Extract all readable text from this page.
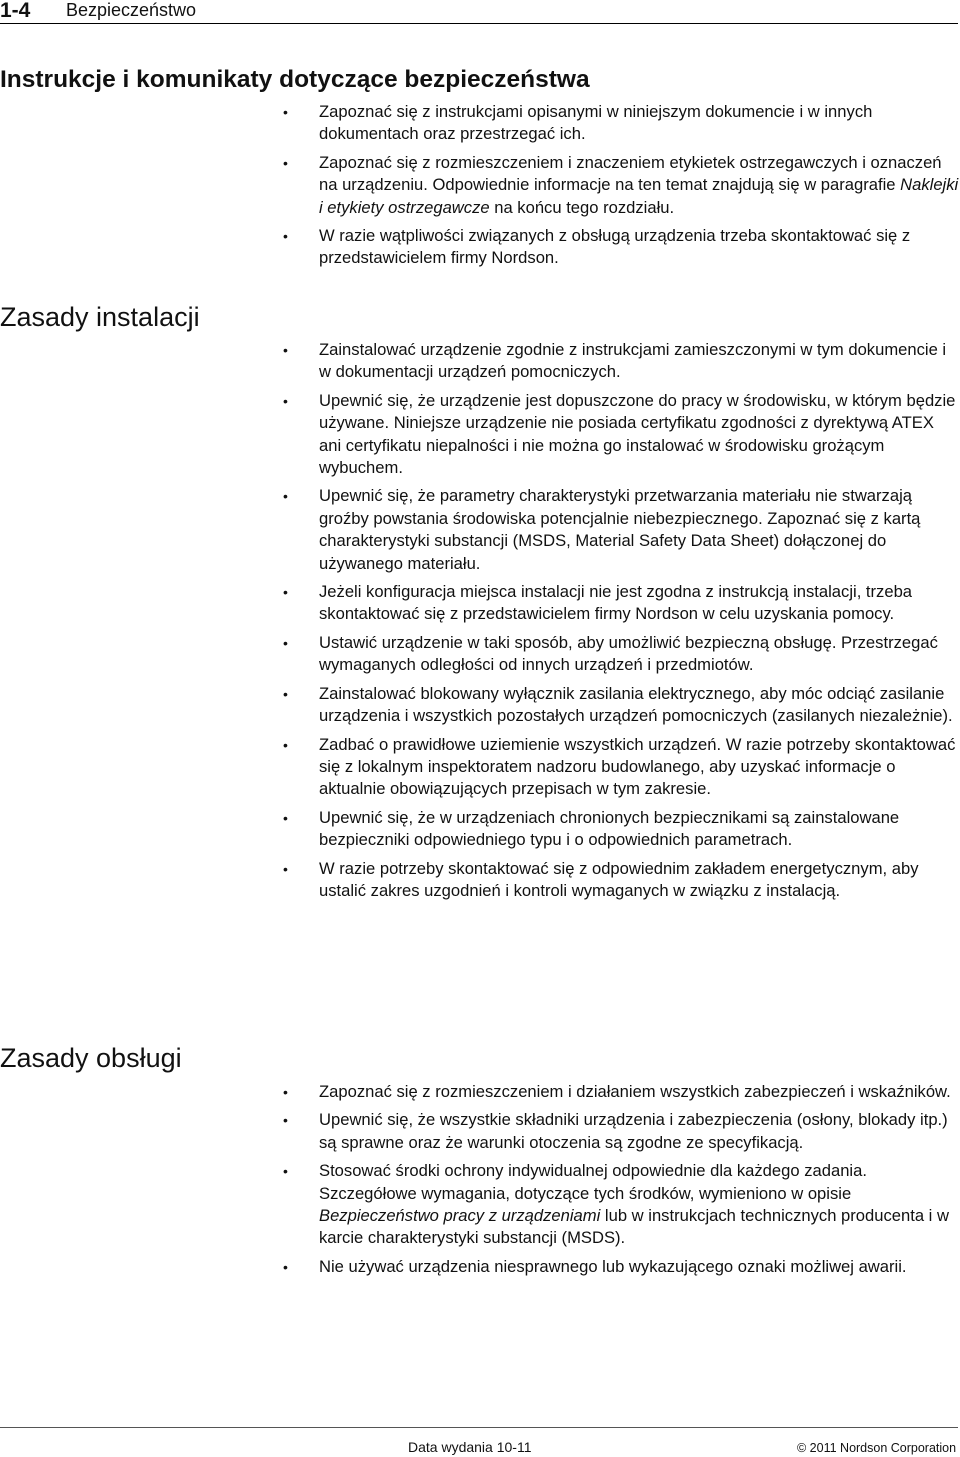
1-4 Bezpieczeństwo
Instrukcje i komunikaty dotyczące bezpieczeństwa
• Zapoznać się z instrukcjami opisanymi w niniejszym dokumencie i w innych dokumentach oraz przestrzegać ich.
• Zapoznać się z rozmieszczeniem i znaczeniem etykietek ostrzegawczych i oznaczeń na urządzeniu. Odpowiednie informacje na ten temat znajdują się w paragrafie Naklejki i etykiety ostrzegawcze na końcu tego rozdziału.
• W razie wątpliwości związanych z obsługą urządzenia trzeba skontaktować się z przedstawicielem firmy Nordson.
Zasady instalacji
• Zainstalować urządzenie zgodnie z instrukcjami zamieszczonymi w tym dokumencie i w dokumentacji urządzeń pomocniczych.
• Upewnić się, że urządzenie jest dopuszczone do pracy w środowisku, w którym będzie używane. Niniejsze urządzenie nie posiada certyfikatu zgodności z dyrektywą ATEX ani certyfikatu niepalności i nie można go instalować w środowisku grożącym wybuchem.
• Upewnić się, że parametry charakterystyki przetwarzania materiału nie stwarzają groźby powstania środowiska potencjalnie niebezpiecznego. Zapoznać się z kartą charakterystyki substancji (MSDS, Material Safety Data Sheet) dołączonej do używanego materiału.
• Jeżeli konfiguracja miejsca instalacji nie jest zgodna z instrukcją instalacji, trzeba skontaktować się z przedstawicielem firmy Nordson w celu uzyskania pomocy.
• Ustawić urządzenie w taki sposób, aby umożliwić bezpieczną obsługę. Przestrzegać wymaganych odległości od innych urządzeń i przedmiotów.
• Zainstalować blokowany wyłącznik zasilania elektrycznego, aby móc odciąć zasilanie urządzenia i wszystkich pozostałych urządzeń pomocniczych (zasilanych niezależnie).
• Zadbać o prawidłowe uziemienie wszystkich urządzeń. W razie potrzeby skontaktować się z lokalnym inspektoratem nadzoru budowlanego, aby uzyskać informacje o aktualnie obowiązujących przepisach w tym zakresie.
• Upewnić się, że w urządzeniach chronionych bezpiecznikami są zainstalowane bezpieczniki odpowiedniego typu i o odpowiednich parametrach.
• W razie potrzeby skontaktować się z odpowiednim zakładem energetycznym, aby ustalić zakres uzgodnień i kontroli wymaganych w związku z instalacją.
Zasady obsługi
• Zapoznać się z rozmieszczeniem i działaniem wszystkich zabezpieczeń i wskaźników.
• Upewnić się, że wszystkie składniki urządzenia i zabezpieczenia (osłony, blokady itp.) są sprawne oraz że warunki otoczenia są zgodne ze specyfikacją.
• Stosować środki ochrony indywidualnej odpowiednie dla każdego zadania. Szczegółowe wymagania, dotyczące tych środków, wymieniono w opisie Bezpieczeństwo pracy z urządzeniami lub w instrukcjach technicznych producenta i w karcie charakterystyki substancji (MSDS).
• Nie używać urządzenia niesprawnego lub wykazującego oznaki możliwej awarii.
Data wydania 10-11	© 2011 Nordson Corporation
